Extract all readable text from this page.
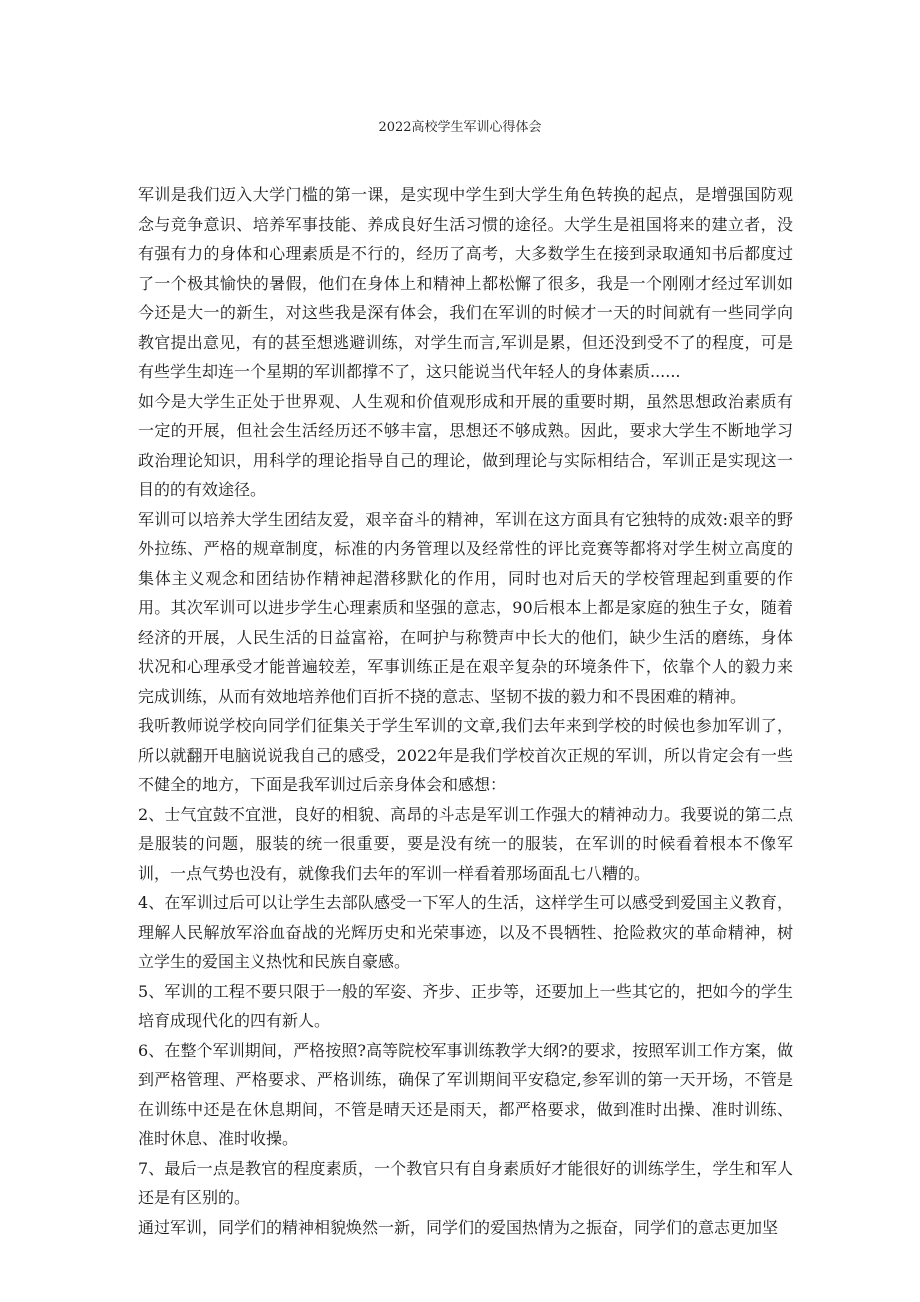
2022高校学生军训心得体会

军训是我们迈入大学门槛的第一课，是实现中学生到大学生角色转换的起点，是增强国防观念与竞争意识、培养军事技能、养成良好生活习惯的途径。大学生是祖国将来的建立者，没有强有力的身体和心理素质是不行的，经历了高考，大多数学生在接到录取通知书后都度过了一个极其愉快的暑假，他们在身体上和精神上都松懈了很多，我是一个刚刚才经过军训如今还是大一的新生，对这些我是深有体会，我们在军训的时候才一天的时间就有一些同学向教官提出意见，有的甚至想逃避训练，对学生而言,军训是累，但还没到受不了的程度，可是有些学生却连一个星期的军训都撑不了，这只能说当代年轻人的身体素质......

如今是大学生正处于世界观、人生观和价值观形成和开展的重要时期，虽然思想政治素质有一定的开展，但社会生活经历还不够丰富，思想还不够成熟。因此，要求大学生不断地学习政治理论知识，用科学的理论指导自己的理论，做到理论与实际相结合，军训正是实现这一目的的有效途径。

军训可以培养大学生团结友爱，艰辛奋斗的精神，军训在这方面具有它独特的成效:艰辛的野外拉练、严格的规章制度，标准的内务管理以及经常性的评比竞赛等都将对学生树立高度的集体主义观念和团结协作精神起潜移默化的作用，同时也对后天的学校管理起到重要的作用。其次军训可以进步学生心理素质和坚强的意志，90后根本上都是家庭的独生子女，随着经济的开展，人民生活的日益富裕，在呵护与称赞声中长大的他们，缺少生活的磨练，身体状况和心理承受才能普遍较差，军事训练正是在艰辛复杂的环境条件下，依靠个人的毅力来完成训练，从而有效地培养他们百折不挠的意志、坚韧不拔的毅力和不畏困难的精神。

我听教师说学校向同学们征集关于学生军训的文章,我们去年来到学校的时候也参加军训了，所以就翻开电脑说说我自己的感受，2022年是我们学校首次正规的军训，所以肯定会有一些不健全的地方，下面是我军训过后亲身体会和感想：

2、士气宜鼓不宜泄，良好的相貌、高昂的斗志是军训工作强大的精神动力。我要说的第二点是服装的问题，服装的统一很重要，要是没有统一的服装，在军训的时候看着根本不像军训，一点气势也没有，就像我们去年的军训一样看着那场面乱七八糟的。

4、在军训过后可以让学生去部队感受一下军人的生活，这样学生可以感受到爱国主义教育，理解人民解放军浴血奋战的光辉历史和光荣事迹，以及不畏牺牲、抢险救灾的革命精神，树立学生的爱国主义热忱和民族自豪感。

5、军训的工程不要只限于一般的军姿、齐步、正步等，还要加上一些其它的，把如今的学生培育成现代化的四有新人。

6、在整个军训期间，严格按照?高等院校军事训练教学大纲?的要求，按照军训工作方案，做到严格管理、严格要求、严格训练，确保了军训期间平安稳定,参军训的第一天开场，不管是在训练中还是在休息期间，不管是晴天还是雨天，都严格要求，做到准时出操、准时训练、准时休息、准时收操。

7、最后一点是教官的程度素质，一个教官只有自身素质好才能很好的训练学生，学生和军人还是有区别的。

通过军训，同学们的精神相貌焕然一新，同学们的爱国热情为之振奋，同学们的意志更加坚
